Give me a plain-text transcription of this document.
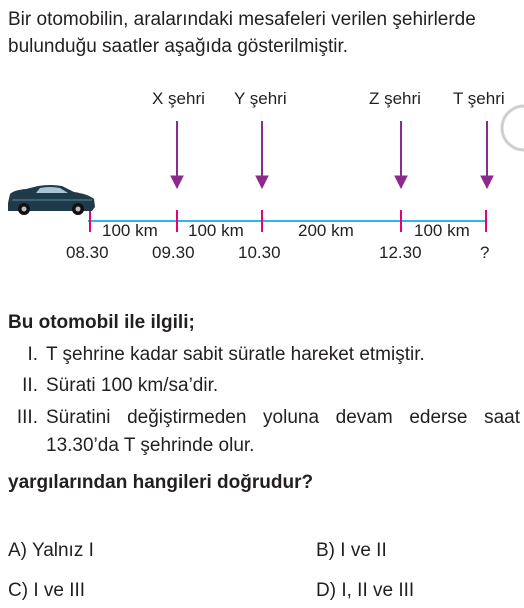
Bir otomobilin, aralarındaki mesafeleri verilen şehirlerde bulunduğu saatler aşağıda gösterilmiştir.
X şehri Y şehri	Z şehri T şehri
100 km 100 km	200 km	100 km
08.30	09.30	10.30	12.30	?
Bu otomobil ile ilgili;
I. T şehrine kadar sabit süratle hareket etmiştir.
II. Sürati 100 km/sa’dir.
III. Süratini değiştirmeden yoluna devam ederse saat 13.30’da T şehrinde olur.
yargılarından hangileri doğrudur?
A) Yalnız I	B) I ve II
C) I ve III	D) I, II ve III
